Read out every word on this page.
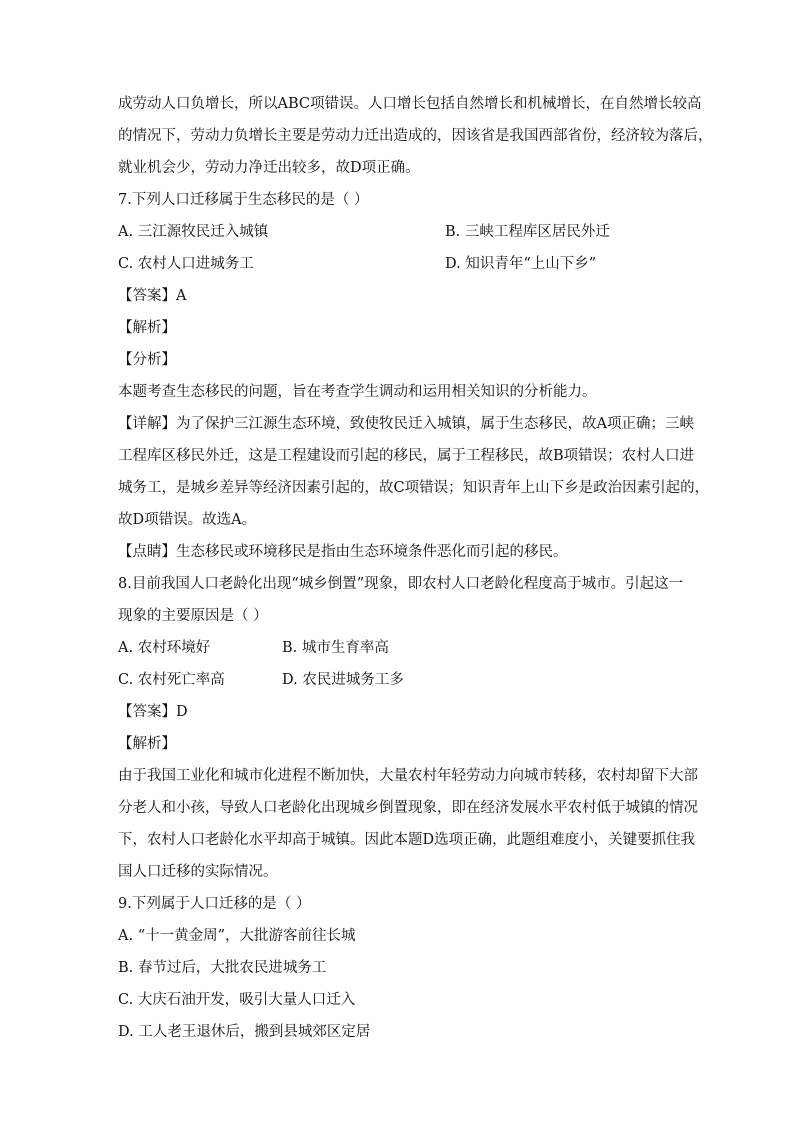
成劳动人口负增长，所以ABC项错误。人口增长包括自然增长和机械增长，在自然增长较高
的情况下，劳动力负增长主要是劳动力迁出造成的，因该省是我国西部省份，经济较为落后，
就业机会少，劳动力净迁出较多，故D项正确。
7.下列人口迁移属于生态移民的是（ ）
A. 三江源牧民迁入城镇	B. 三峡工程库区居民外迁
C. 农村人口进城务工	D. 知识青年“上山下乡”
【答案】A
【解析】
【分析】
本题考查生态移民的问题，旨在考查学生调动和运用相关知识的分析能力。
【详解】为了保护三江源生态环境，致使牧民迁入城镇，属于生态移民，故A项正确；三峡
工程库区移民外迁，这是工程建设而引起的移民，属于工程移民，故B项错误；农村人口进
城务工，是城乡差异等经济因素引起的，故C项错误；知识青年上山下乡是政治因素引起的，
故D项错误。故选A。
【点睛】生态移民或环境移民是指由生态环境条件恶化而引起的移民。
8.目前我国人口老龄化出现“城乡倒置”现象，即农村人口老龄化程度高于城市。引起这一
现象的主要原因是（ ）
A. 农村环境好	B. 城市生育率高
C. 农村死亡率高	D. 农民进城务工多
【答案】D
【解析】
由于我国工业化和城市化进程不断加快，大量农村年轻劳动力向城市转移，农村却留下大部
分老人和小孩，导致人口老龄化出现城乡倒置现象，即在经济发展水平农村低于城镇的情况
下，农村人口老龄化水平却高于城镇。因此本题D选项正确，此题组难度小，关键要抓住我
国人口迁移的实际情况。
9.下列属于人口迁移的是（ ）
A. “十一黄金周”，大批游客前往长城
B. 春节过后，大批农民进城务工
C. 大庆石油开发，吸引大量人口迁入
D. 工人老王退休后，搬到县城郊区定居
